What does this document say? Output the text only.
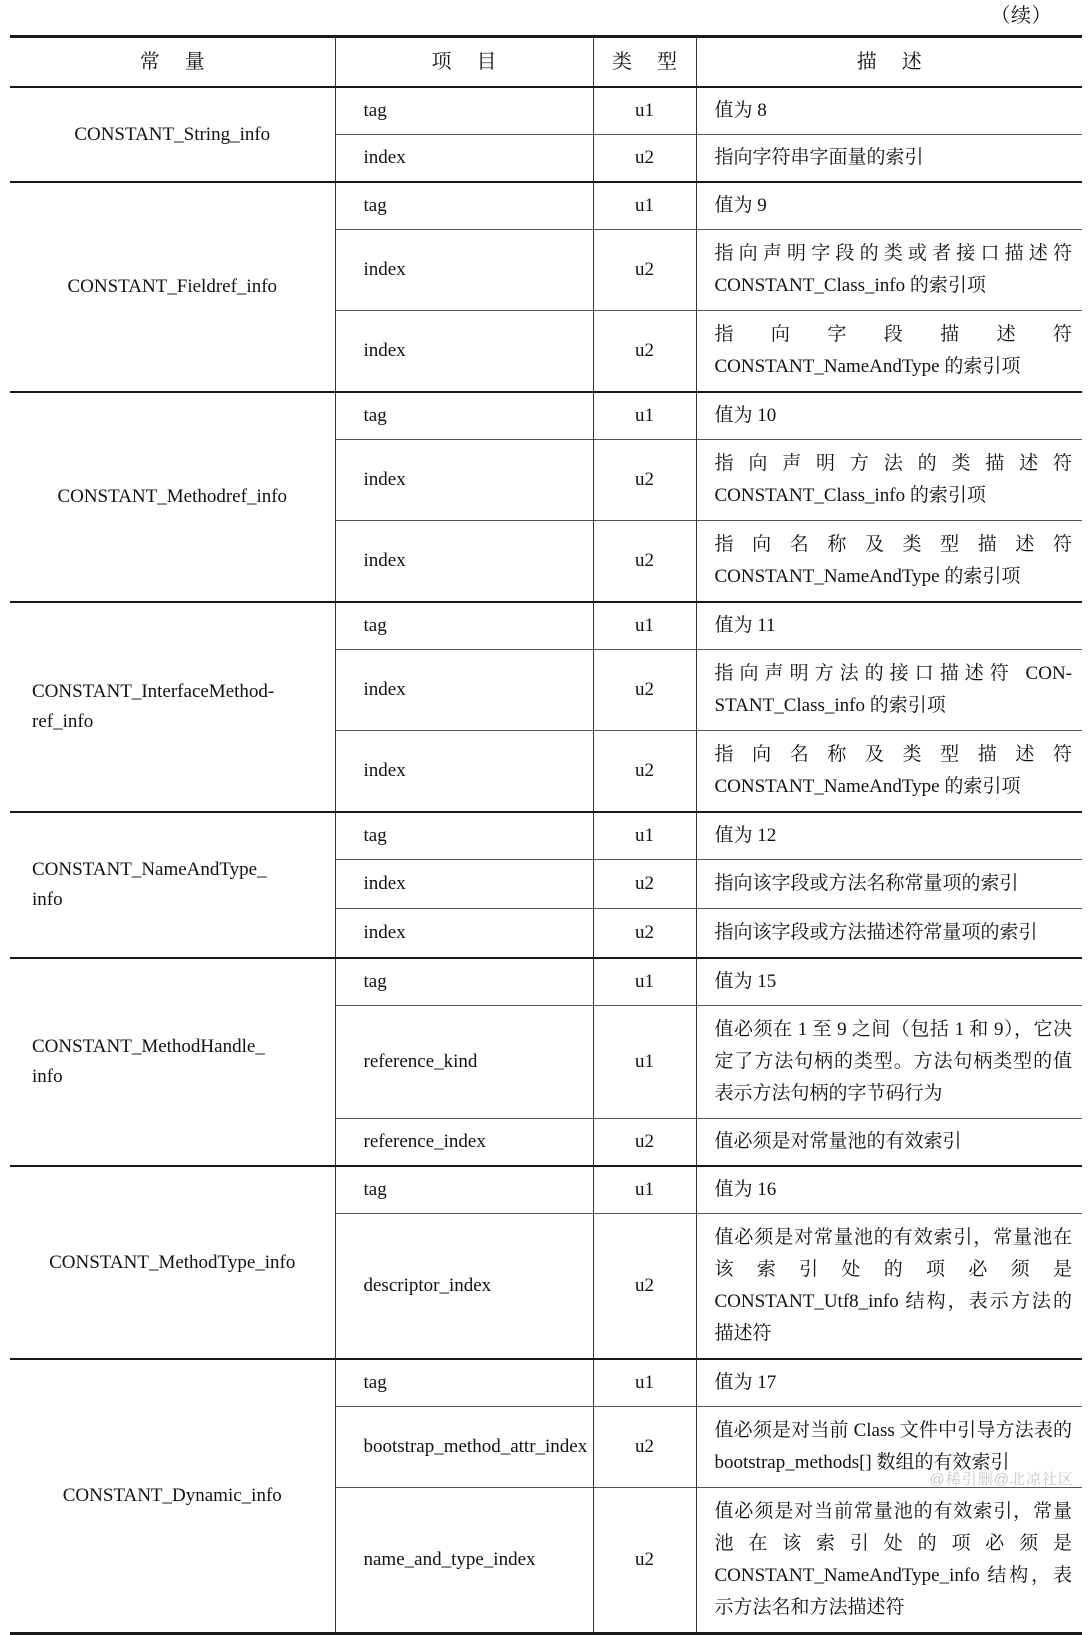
（续）
常 量	项 目	类 型	描 述

CONSTANT_String_info	tag	u1	值为 8
	index	u2	指向字符串字面量的索引

CONSTANT_Fieldref_info	tag	u1	值为 9
	index	u2	指向声明字段的类或者接口描述符 CONSTANT_Class_info 的索引项
	index	u2	指向字段描述符 CONSTANT_NameAndType 的索引项

CONSTANT_Methodref_info	tag	u1	值为 10
	index	u2	指向声明方法的类描述符 CONSTANT_Class_info 的索引项
	index	u2	指向名称及类型描述符 CONSTANT_NameAndType 的索引项

CONSTANT_InterfaceMethod-
ref_info	tag	u1	值为 11
	index	u2	指向声明方法的接口描述符 CON-STANT_Class_info 的索引项
	index	u2	指向名称及类型描述符 CONSTANT_NameAndType 的索引项

CONSTANT_NameAndType_
info	tag	u1	值为 12
	index	u2	指向该字段或方法名称常量项的索引
	index	u2	指向该字段或方法描述符常量项的索引

CONSTANT_MethodHandle_
info	tag	u1	值为 15
	reference_kind	u1	值必须在 1 至 9 之间（包括 1 和 9），它决定了方法句柄的类型。方法句柄类型的值表示方法句柄的字节码行为
	reference_index	u2	值必须是对常量池的有效索引

CONSTANT_MethodType_info	tag	u1	值为 16
	descriptor_index	u2	值必须是对常量池的有效索引，常量池在该索引处的项必须是 CONSTANT_Utf8_info 结构，表示方法的描述符

CONSTANT_Dynamic_info	tag	u1	值为 17
	bootstrap_method_attr_index	u2	值必须是对当前 Class 文件中引导方法表的 bootstrap_methods[] 数组的有效索引
	name_and_type_index	u2	值必须是对当前常量池的有效索引，常量池在该索引处的项必须是 CONSTANT_NameAndType_info 结构，表示方法名和方法描述符
@稀引删@北凉社区
